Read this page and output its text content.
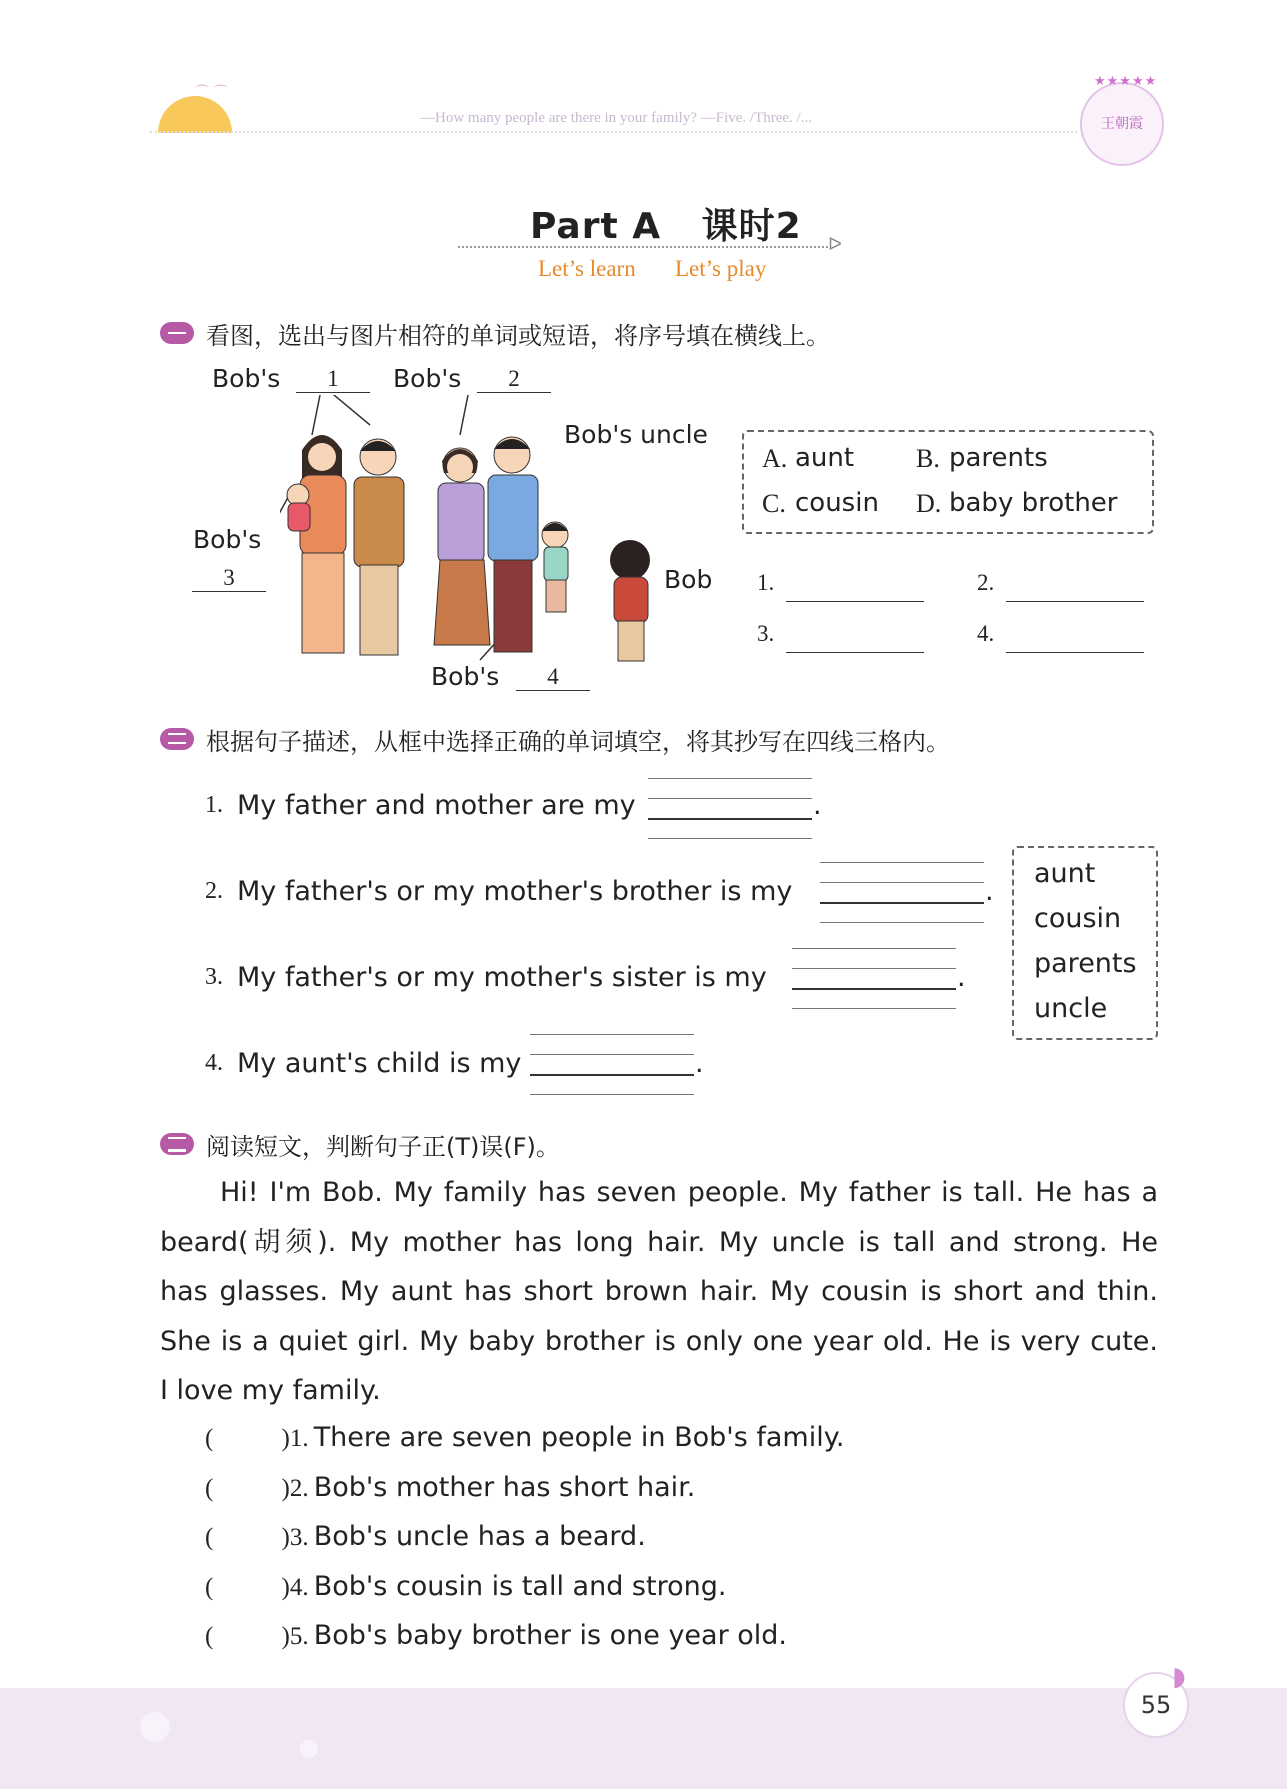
⌒ ⌒
—How many people are there in your family? —Five. /Three. /...	王朝霞
★★★★★
Part A   课时2 ᐅ
Let’s learn Let’s play
看图，选出与图片相符的单词或短语，将序号填在横线上。
Bob's	1	Bob's	2
Bob's uncle
Bob's
3	Bob
Bob's	4
A. aunt B. parents
C. cousin D. baby brother
1.	2.
3.	4.
根据句子描述，从框中选择正确的单词填空，将其抄写在四线三格内。
1. My father and mother are my	.
2. My father's or my mother's brother is my	.
3. My father's or my mother's sister is my	.
4. My aunt's child is my	.
aunt
cousin
parents
uncle
阅读短文，判断句子正(T)误(F)。
Hi! I'm Bob. My family has seven people. My father is tall. He has a
beard(胡须). My mother has long hair. My uncle is tall and strong. He
has glasses. My aunt has short brown hair. My cousin is short and thin.
She is a quiet girl. My baby brother is only one year old. He is very cute.
I love my family.
(	)1. There are seven people in Bob's family.
(	)2. Bob's mother has short hair.
(	)3. Bob's uncle has a beard.
(	)4. Bob's cousin is tall and strong.
(	)5. Bob's baby brother is one year old.
55
◗
